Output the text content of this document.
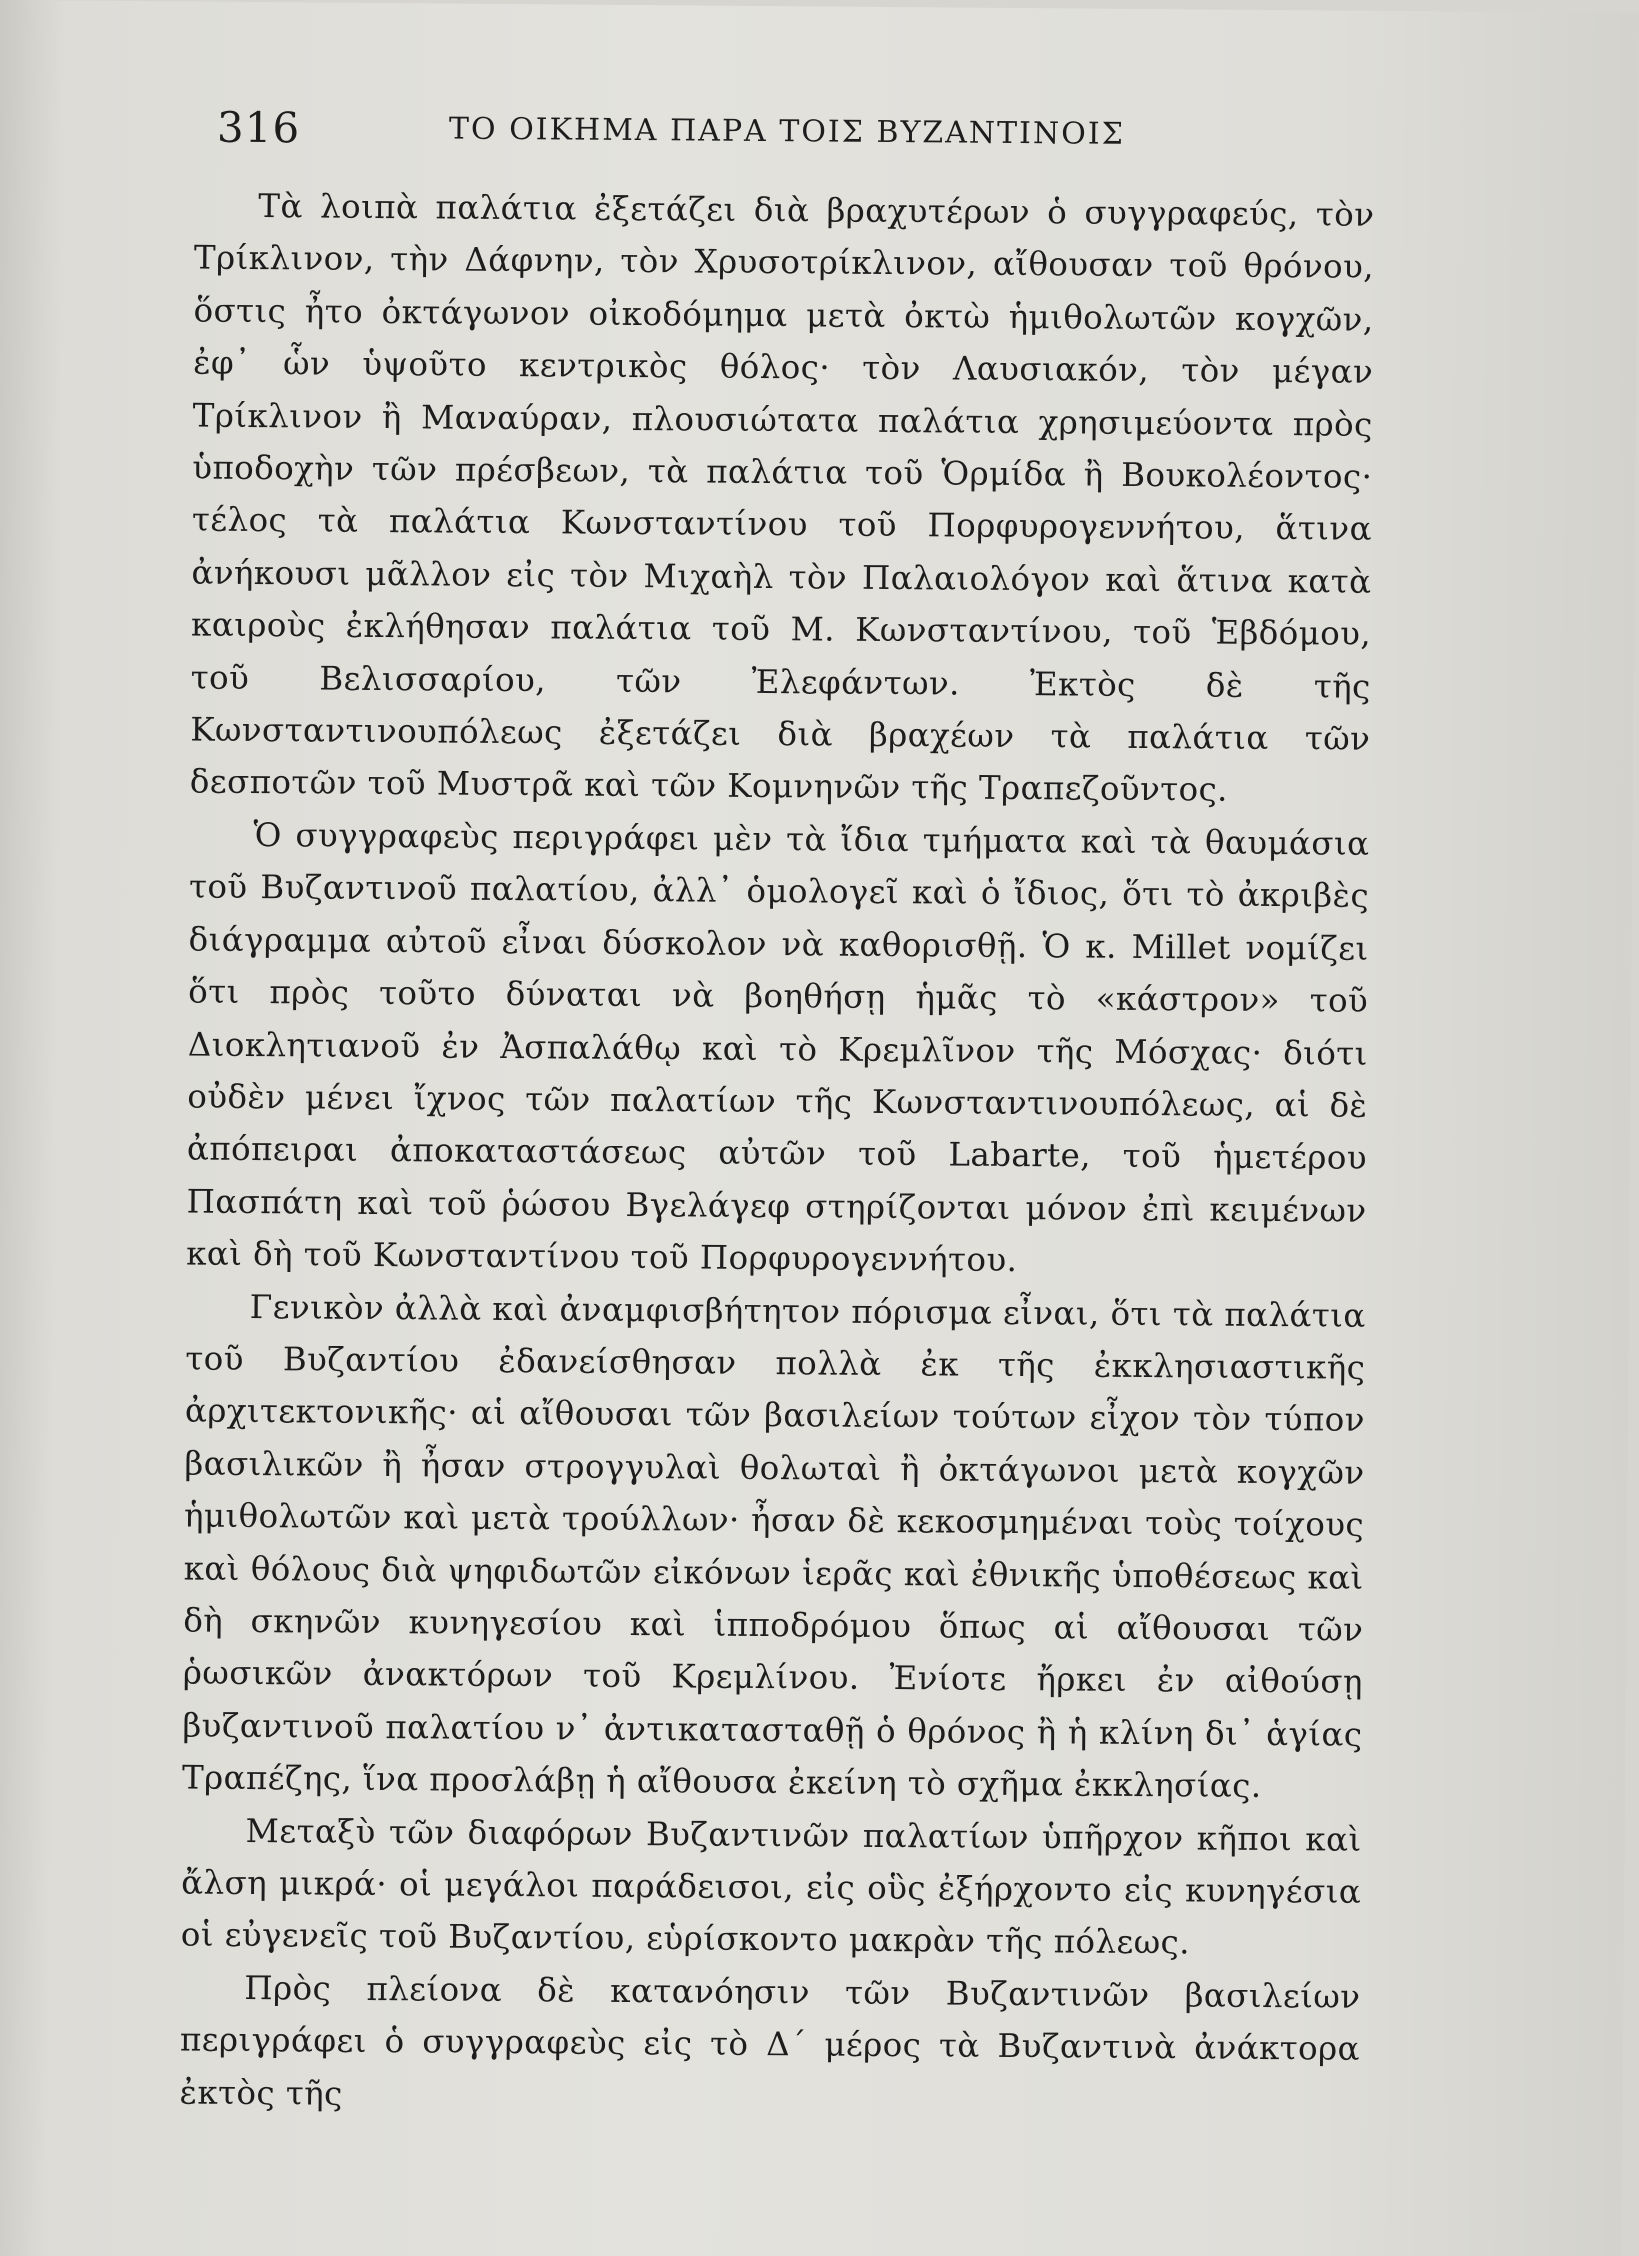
316	ΤΟ ΟΙΚΗΜΑ ΠΑΡΑ ΤΟΙΣ ΒΥΖΑΝΤΙΝΟΙΣ

Τὰ λοιπὰ παλάτια ἐξετάζει διὰ βραχυτέρων ὁ συγγραφεύς, τὸν Τρίκλινον, τὴν Δάφνην, τὸν Χρυσοτρίκλινον, αἴθουσαν τοῦ θρόνου, ὅστις ἦτο ὀκτάγωνον οἰκοδόμημα μετὰ ὀκτὼ ἡμιθολωτῶν κογχῶν, ἐφ᾽ ὧν ὑψοῦτο κεντρικὸς θόλος· τὸν Λαυσιακόν, τὸν μέγαν Τρίκλινον ἢ Μαναύραν, πλουσιώτατα παλάτια χρησιμεύοντα πρὸς ὑποδοχὴν τῶν πρέσβεων, τὰ παλάτια τοῦ Ὁρμίδα ἢ Βουκολέοντος· τέλος τὰ παλάτια Κωνσταντίνου τοῦ Πορφυρογεννήτου, ἅτινα ἀνήκουσι μᾶλλον εἰς τὸν Μιχαὴλ τὸν Παλαιολόγον καὶ ἅτινα κατὰ καιροὺς ἐκλήθησαν παλάτια τοῦ Μ. Κωνσταντίνου, τοῦ Ἑβδόμου, τοῦ Βελισσαρίου, τῶν Ἐλεφάντων. Ἐκτὸς δὲ τῆς Κωνσταντινουπόλεως ἐξετάζει διὰ βραχέων τὰ παλάτια τῶν δεσποτῶν τοῦ Μυστρᾶ καὶ τῶν Κομνηνῶν τῆς Τραπεζοῦντος.

Ὁ συγγραφεὺς περιγράφει μὲν τὰ ἴδια τμήματα καὶ τὰ θαυμάσια τοῦ Βυζαντινοῦ παλατίου, ἀλλ᾽ ὁμολογεῖ καὶ ὁ ἴδιος, ὅτι τὸ ἀκριβὲς διάγραμμα αὐτοῦ εἶναι δύσκολον νὰ καθορισθῇ. Ὁ κ. Millet νομίζει ὅτι πρὸς τοῦτο δύναται νὰ βοηθήσῃ ἡμᾶς τὸ «κάστρον» τοῦ Διοκλητιανοῦ ἐν Ἀσπαλάθῳ καὶ τὸ Κρεμλῖνον τῆς Μόσχας· διότι οὐδὲν μένει ἴχνος τῶν παλατίων τῆς Κωνσταντινουπόλεως, αἱ δὲ ἀπόπειραι ἀποκαταστάσεως αὐτῶν τοῦ Labarte, τοῦ ἡμετέρου Πασπάτη καὶ τοῦ ῥώσου Βγελάγεφ στηρίζονται μόνον ἐπὶ κειμένων καὶ δὴ τοῦ Κωνσταντίνου τοῦ Πορφυρογεννήτου.

Γενικὸν ἀλλὰ καὶ ἀναμφισβήτητον πόρισμα εἶναι, ὅτι τὰ παλάτια τοῦ Βυζαντίου ἐδανείσθησαν πολλὰ ἐκ τῆς ἐκκλησιαστικῆς ἀρχιτεκτονικῆς· αἱ αἴθουσαι τῶν βασιλείων τούτων εἶχον τὸν τύπον βασιλικῶν ἢ ἦσαν στρογγυλαὶ θολωταὶ ἢ ὀκτάγωνοι μετὰ κογχῶν ἡμιθολωτῶν καὶ μετὰ τρούλλων· ἦσαν δὲ κεκοσμημέναι τοὺς τοίχους καὶ θόλους διὰ ψηφιδωτῶν εἰκόνων ἱερᾶς καὶ ἐθνικῆς ὑποθέσεως καὶ δὴ σκηνῶν κυνηγεσίου καὶ ἱπποδρόμου ὅπως αἱ αἴθουσαι τῶν ῥωσικῶν ἀνακτόρων τοῦ Κρεμλίνου. Ἐνίοτε ἤρκει ἐν αἰθούσῃ βυζαντινοῦ παλατίου ν᾽ ἀντικατασταθῇ ὁ θρόνος ἢ ἡ κλίνη δι᾽ ἁγίας Τραπέζης, ἵνα προσλάβῃ ἡ αἴθουσα ἐκείνη τὸ σχῆμα ἐκκλησίας.

Μεταξὺ τῶν διαφόρων Βυζαντινῶν παλατίων ὑπῆρχον κῆποι καὶ ἄλση μικρά· οἱ μεγάλοι παράδεισοι, εἰς οὓς ἐξήρχοντο εἰς κυνηγέσια οἱ εὐγενεῖς τοῦ Βυζαντίου, εὑρίσκοντο μακρὰν τῆς πόλεως.

Πρὸς πλείονα δὲ κατανόησιν τῶν Βυζαντινῶν βασιλείων περιγράφει ὁ συγγραφεὺς εἰς τὸ Δ´ μέρος τὰ Βυζαντινὰ ἀνάκτορα ἐκτὸς τῆς
